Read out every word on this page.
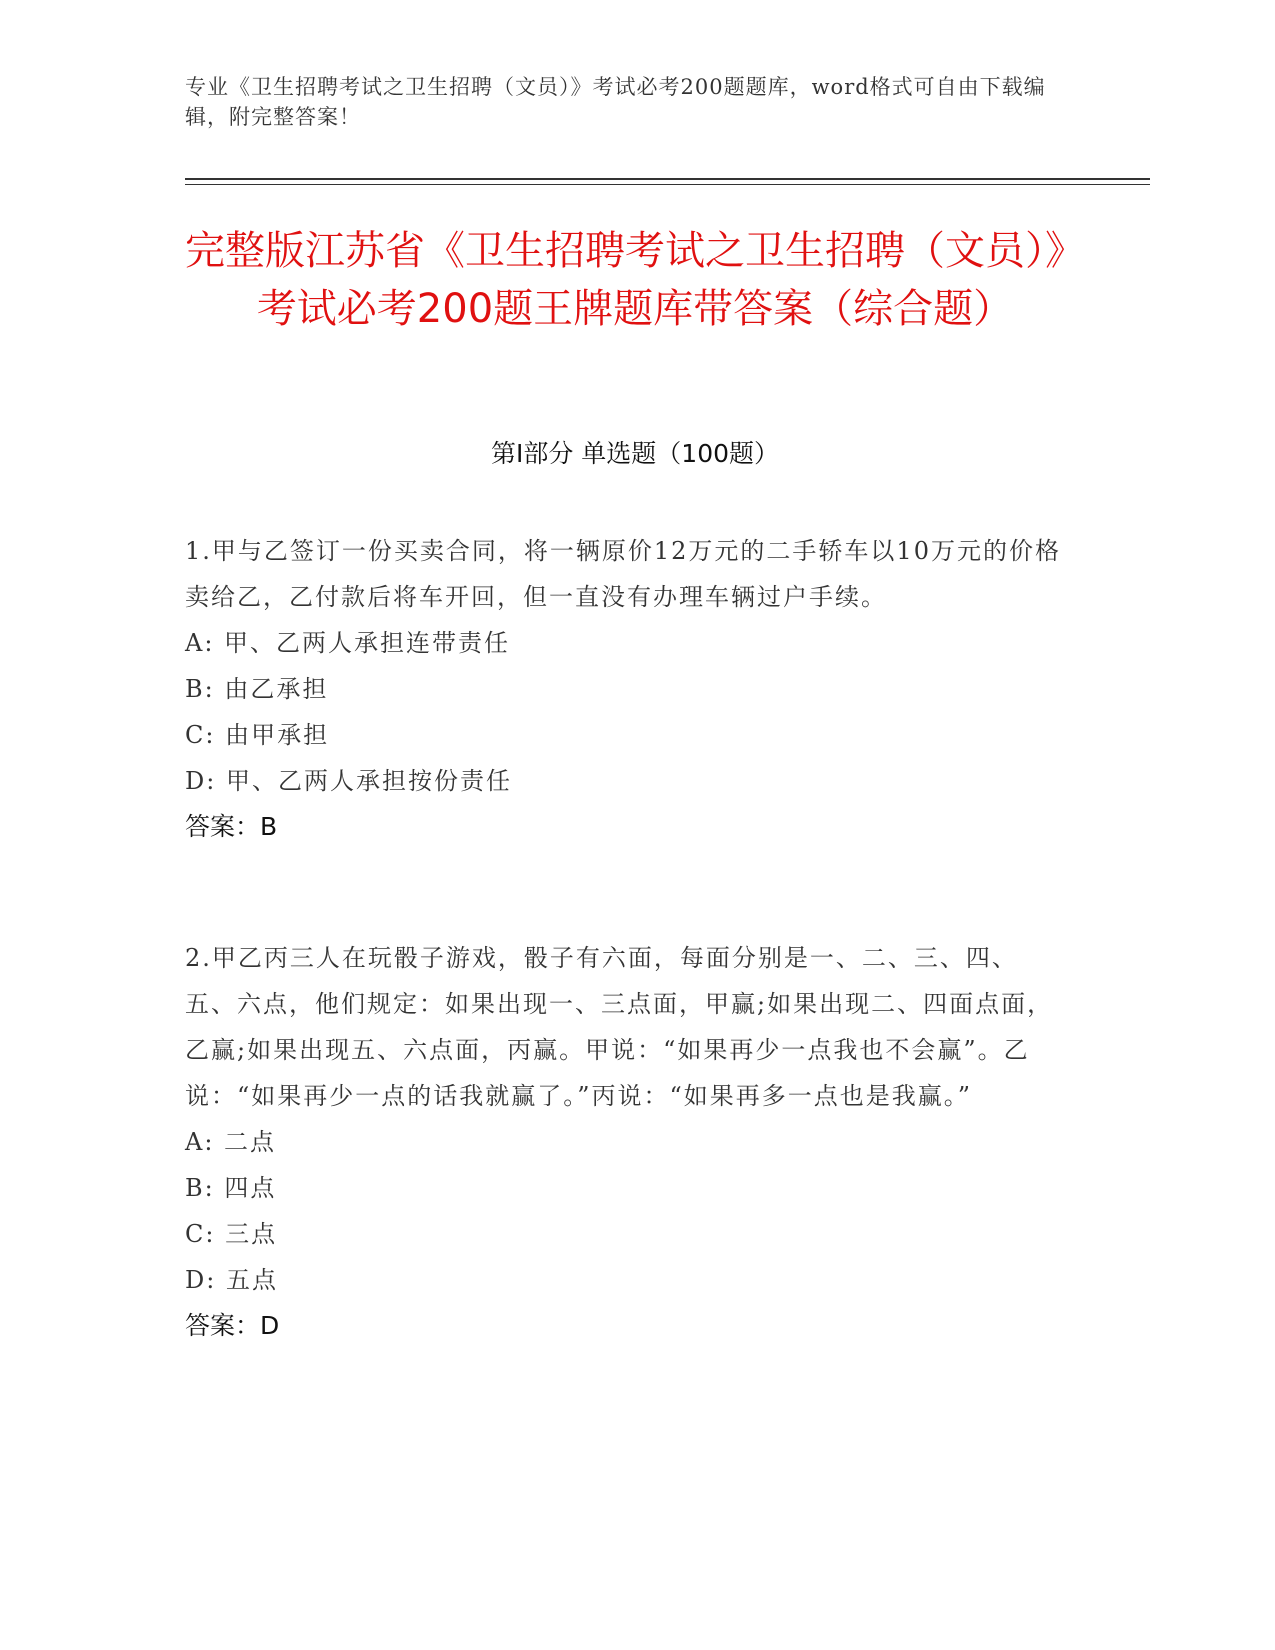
专业《卫生招聘考试之卫生招聘（文员）》考试必考200题题库，word格式可自由下载编辑，附完整答案！
完整版江苏省《卫生招聘考试之卫生招聘（文员）》考试必考200题王牌题库带答案（综合题）
第I部分 单选题（100题）

1.甲与乙签订一份买卖合同，将一辆原价12万元的二手轿车以10万元的价格卖给乙，乙付款后将车开回，但一直没有办理车辆过户手续。

A: 甲、乙两人承担连带责任

B: 由乙承担

C: 由甲承担

D: 甲、乙两人承担按份责任

答案：B

2.甲乙丙三人在玩骰子游戏，骰子有六面，每面分别是一、二、三、四、五、六点，他们规定：如果出现一、三点面，甲赢;如果出现二、四面点面，乙赢;如果出现五、六点面，丙赢。甲说：“如果再少一点我也不会赢”。乙说：“如果再少一点的话我就赢了。”丙说：“如果再多一点也是我赢。”

A: 二点

B: 四点

C: 三点

D: 五点

答案：D
